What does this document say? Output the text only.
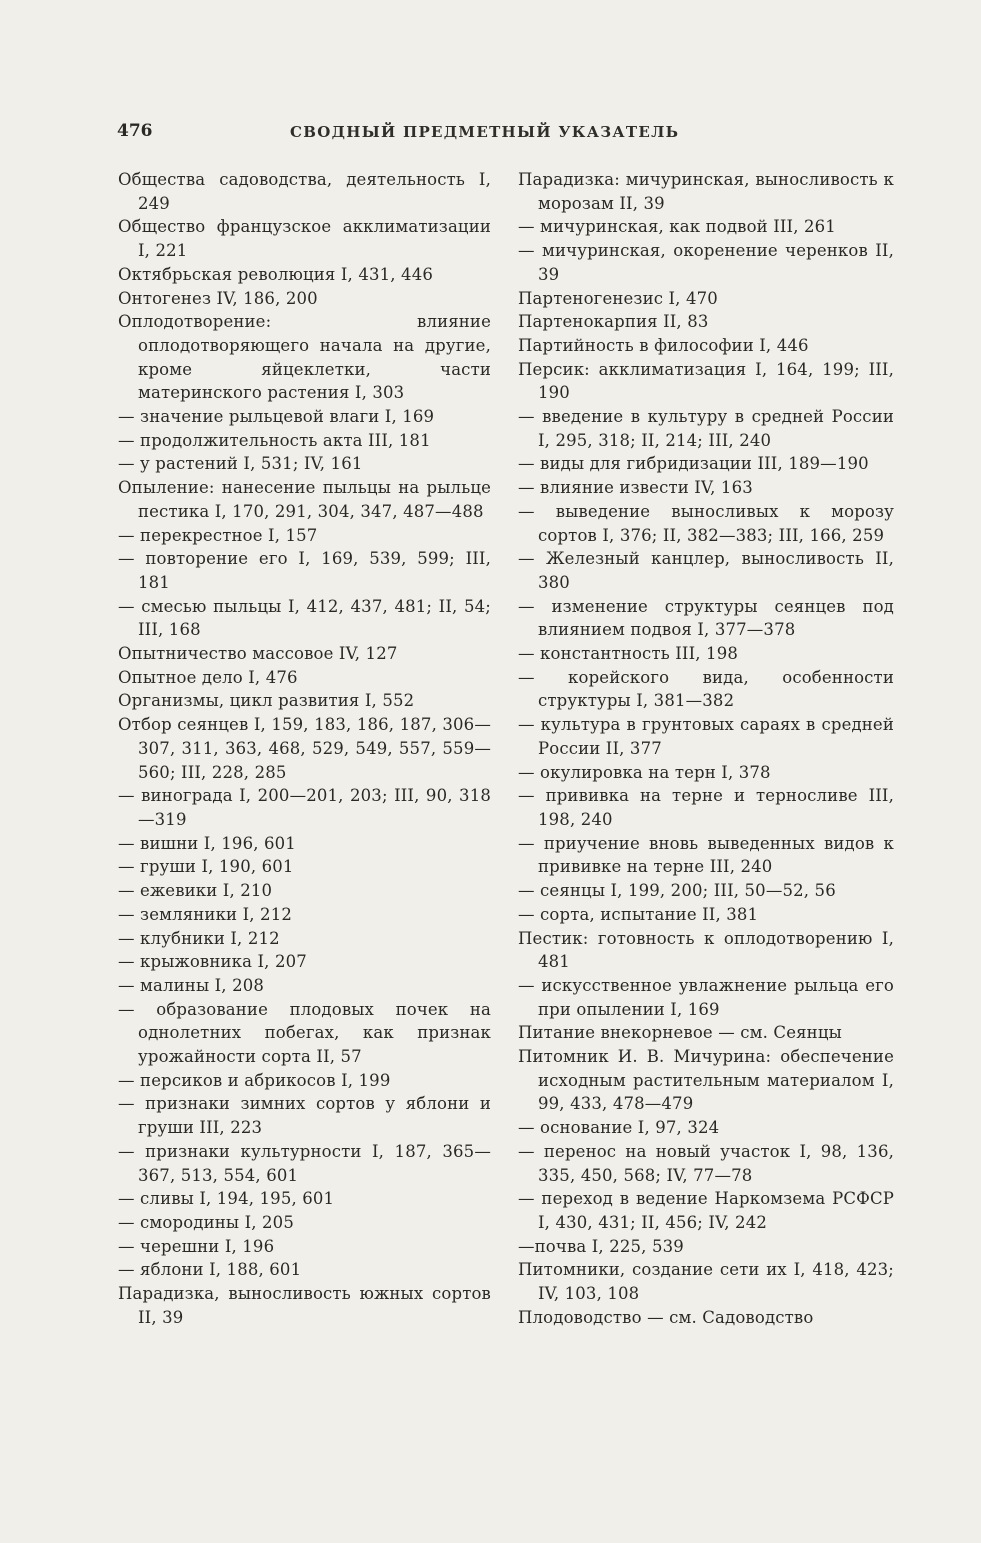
476	СВОДНЫЙ ПРЕДМЕТНЫЙ УКАЗАТЕЛЬ

Общества садоводства, деятельность I, 249

Общество французское акклиматизации I, 221

Октябрьская революция I, 431, 446

Онтогенез IV, 186, 200

Оплодотворение: влияние оплодотворяющего начала на другие, кроме яйцеклетки, части материнского растения I, 303

— значение рыльцевой влаги I, 169

— продолжительность акта III, 181

— у растений I, 531; IV, 161

Опыление: нанесение пыльцы на рыльце пестика I, 170, 291, 304, 347, 487—488

— перекрестное I, 157

— повторение его I, 169, 539, 599; III, 181

— смесью пыльцы I, 412, 437, 481; II, 54; III, 168

Опытничество массовое IV, 127

Опытное дело I, 476

Организмы, цикл развития I, 552

Отбор сеянцев I, 159, 183, 186, 187, 306—307, 311, 363, 468, 529, 549, 557, 559—560; III, 228, 285

— винограда I, 200—201, 203; III, 90, 318—319

— вишни I, 196, 601

— груши I, 190, 601

— ежевики I, 210

— земляники I, 212

— клубники I, 212

— крыжовника I, 207

— малины I, 208

— образование плодовых почек на однолетних побегах, как признак урожайности сорта II, 57

— персиков и абрикосов I, 199

— признаки зимних сортов у яблони и груши III, 223

— признаки культурности I, 187, 365—367, 513, 554, 601

— сливы I, 194, 195, 601

— смородины I, 205

— черешни I, 196

— яблони I, 188, 601

Парадизка, выносливость южных сортов II, 39

Парадизка: мичуринская, выносливость к морозам II, 39

— мичуринская, как подвой III, 261

— мичуринская, окоренение черенков II, 39

Партеногенезис I, 470

Партенокарпия II, 83

Партийность в философии I, 446

Персик: акклиматизация I, 164, 199; III, 190

— введение в культуру в средней России I, 295, 318; II, 214; III, 240

— виды для гибридизации III, 189—190

— влияние извести IV, 163

— выведение выносливых к морозу сортов I, 376; II, 382—383; III, 166, 259

— Железный канцлер, выносливость II, 380

— изменение структуры сеянцев под влиянием подвоя I, 377—378

— константность III, 198

— корейского вида, особенности структуры I, 381—382

— культура в грунтовых сараях в средней России II, 377

— окулировка на терн I, 378

— прививка на терне и терносливе III, 198, 240

— приучение вновь выведенных видов к прививке на терне III, 240

— сеянцы I, 199, 200; III, 50—52, 56

— сорта, испытание II, 381

Пестик: готовность к оплодотворению I, 481

— искусственное увлажнение рыльца его при опылении I, 169

Питание внекорневое — см. Сеянцы

Питомник И. В. Мичурина: обеспечение исходным растительным материалом I, 99, 433, 478—479

— основание I, 97, 324

— перенос на новый участок I, 98, 136, 335, 450, 568; IV, 77—78

— переход в ведение Наркомзема РСФСР I, 430, 431; II, 456; IV, 242

—почва I, 225, 539

Питомники, создание сети их I, 418, 423; IV, 103, 108

Плодоводство — см. Садоводство
